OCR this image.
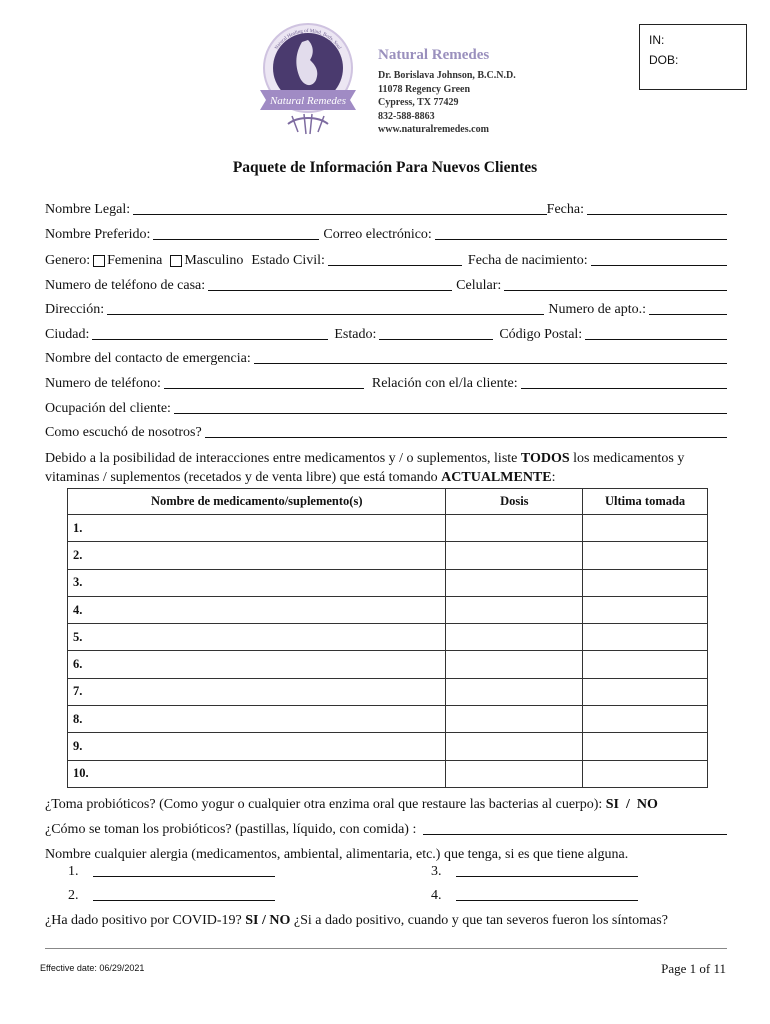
Natural Remedes
Natural Healing of Mind, Body, Soul Natural Remedes
Dr. Borislava Johnson, B.C.N.D.
11078 Regency Green
Cypress, TX 77429
832-588-8863
www.naturalremedes.com
IN:
DOB:
Paquete de Información Para Nuevos Clientes
Nombre Legal:	Fecha:
Nombre Preferido:	Correo electrónico:
Genero: Femenina	Masculino Estado Civil:	Fecha de nacimiento:
Numero de teléfono de casa:	Celular:
Dirección:	Numero de apto.:
Ciudad:	Estado:	Código Postal:
Nombre del contacto de emergencia:
Numero de teléfono:	Relación con el/la cliente:
Ocupación del cliente:
Como escuchó de nosotros?
Debido a la posibilidad de interacciones entre medicamentos y / o suplementos, liste TODOS los medicamentos y vitaminas / suplementos (recetados y de venta libre) que está tomando ACTUALMENTE:
Nombre de medicamento/suplemento(s)	Dosis	Ultima tomada
1.		
2.		
3.		
4.		
5.		
6.		
7.		
8.		
9.		
10.		
¿Toma probióticos? (Como yogur o cualquier otra enzima oral que restaure las bacterias al cuerpo): SI  /  NO
¿Cómo se toman los probióticos? (pastillas, líquido, con comida) :
Nombre cualquier alergia (medicamentos, ambiental, alimentaria, etc.) que tenga, si es que tiene alguna.
1.	3.
2.	4.
¿Ha dado positivo por COVID-19? SI / NO ¿Si a dado positivo, cuando y que tan severos fueron los síntomas?
Effective date: 06/29/2021	Page 1 of 11
